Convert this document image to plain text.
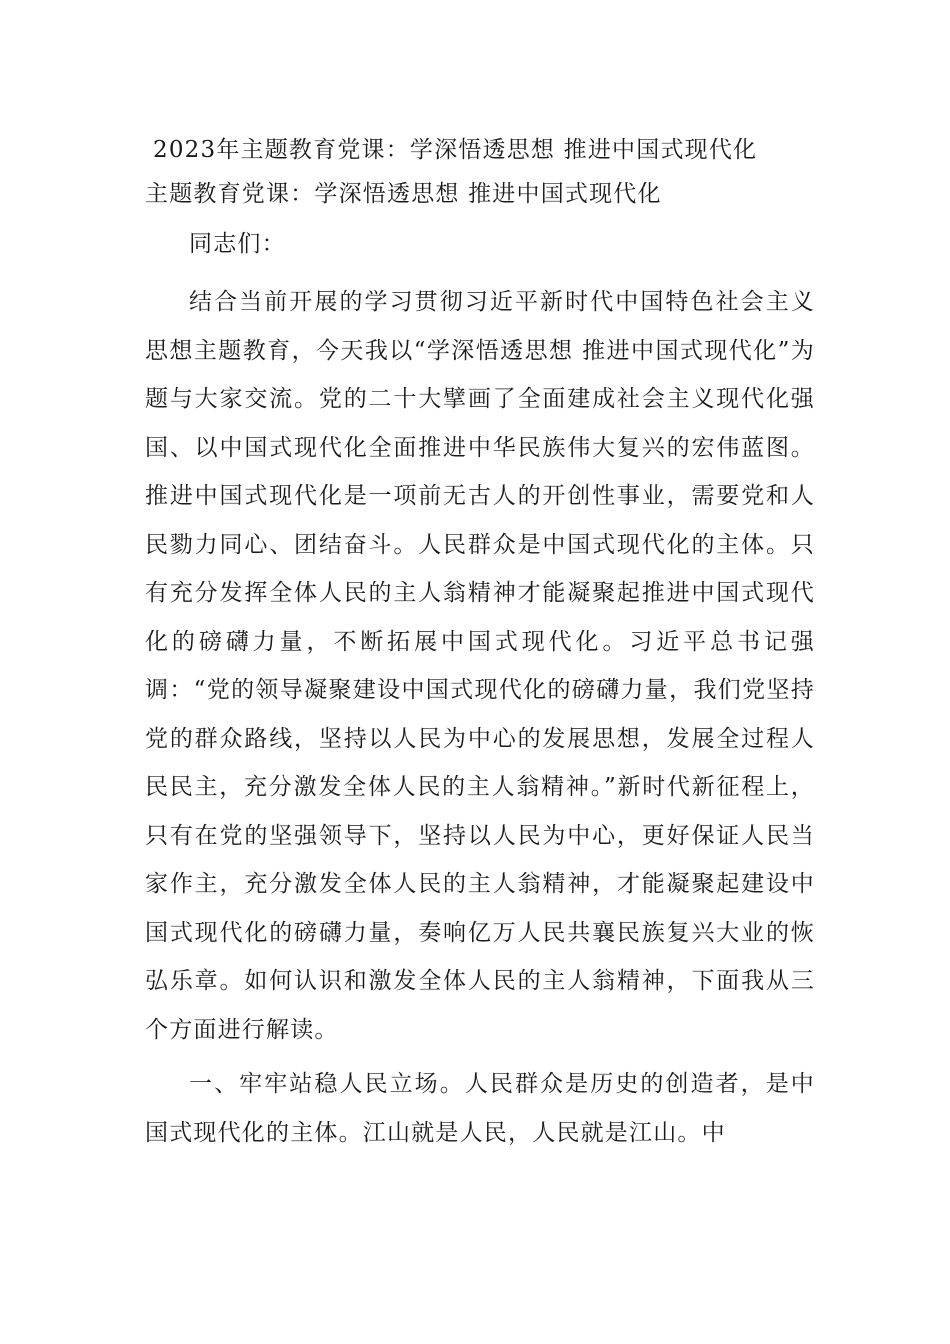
2023年主题教育党课：学深悟透思想 推进中国式现代化
主题教育党课：学深悟透思想 推进中国式现代化

同志们：

结合当前开展的学习贯彻习近平新时代中国特色社会主义思想主题教育，今天我以“学深悟透思想 推进中国式现代化”为题与大家交流。党的二十大擘画了全面建成社会主义现代化强国、以中国式现代化全面推进中华民族伟大复兴的宏伟蓝图。推进中国式现代化是一项前无古人的开创性事业，需要党和人民勠力同心、团结奋斗。人民群众是中国式现代化的主体。只有充分发挥全体人民的主人翁精神才能凝聚起推进中国式现代化的磅礴力量，不断拓展中国式现代化。习近平总书记强调：“党的领导凝聚建设中国式现代化的磅礴力量，我们党坚持党的群众路线，坚持以人民为中心的发展思想，发展全过程人民民主，充分激发全体人民的主人翁精神。”新时代新征程上，只有在党的坚强领导下，坚持以人民为中心，更好保证人民当家作主，充分激发全体人民的主人翁精神，才能凝聚起建设中国式现代化的磅礴力量，奏响亿万人民共襄民族复兴大业的恢弘乐章。如何认识和激发全体人民的主人翁精神，下面我从三个方面进行解读。

一、牢牢站稳人民立场。人民群众是历史的创造者，是中国式现代化的主体。江山就是人民，人民就是江山。中
